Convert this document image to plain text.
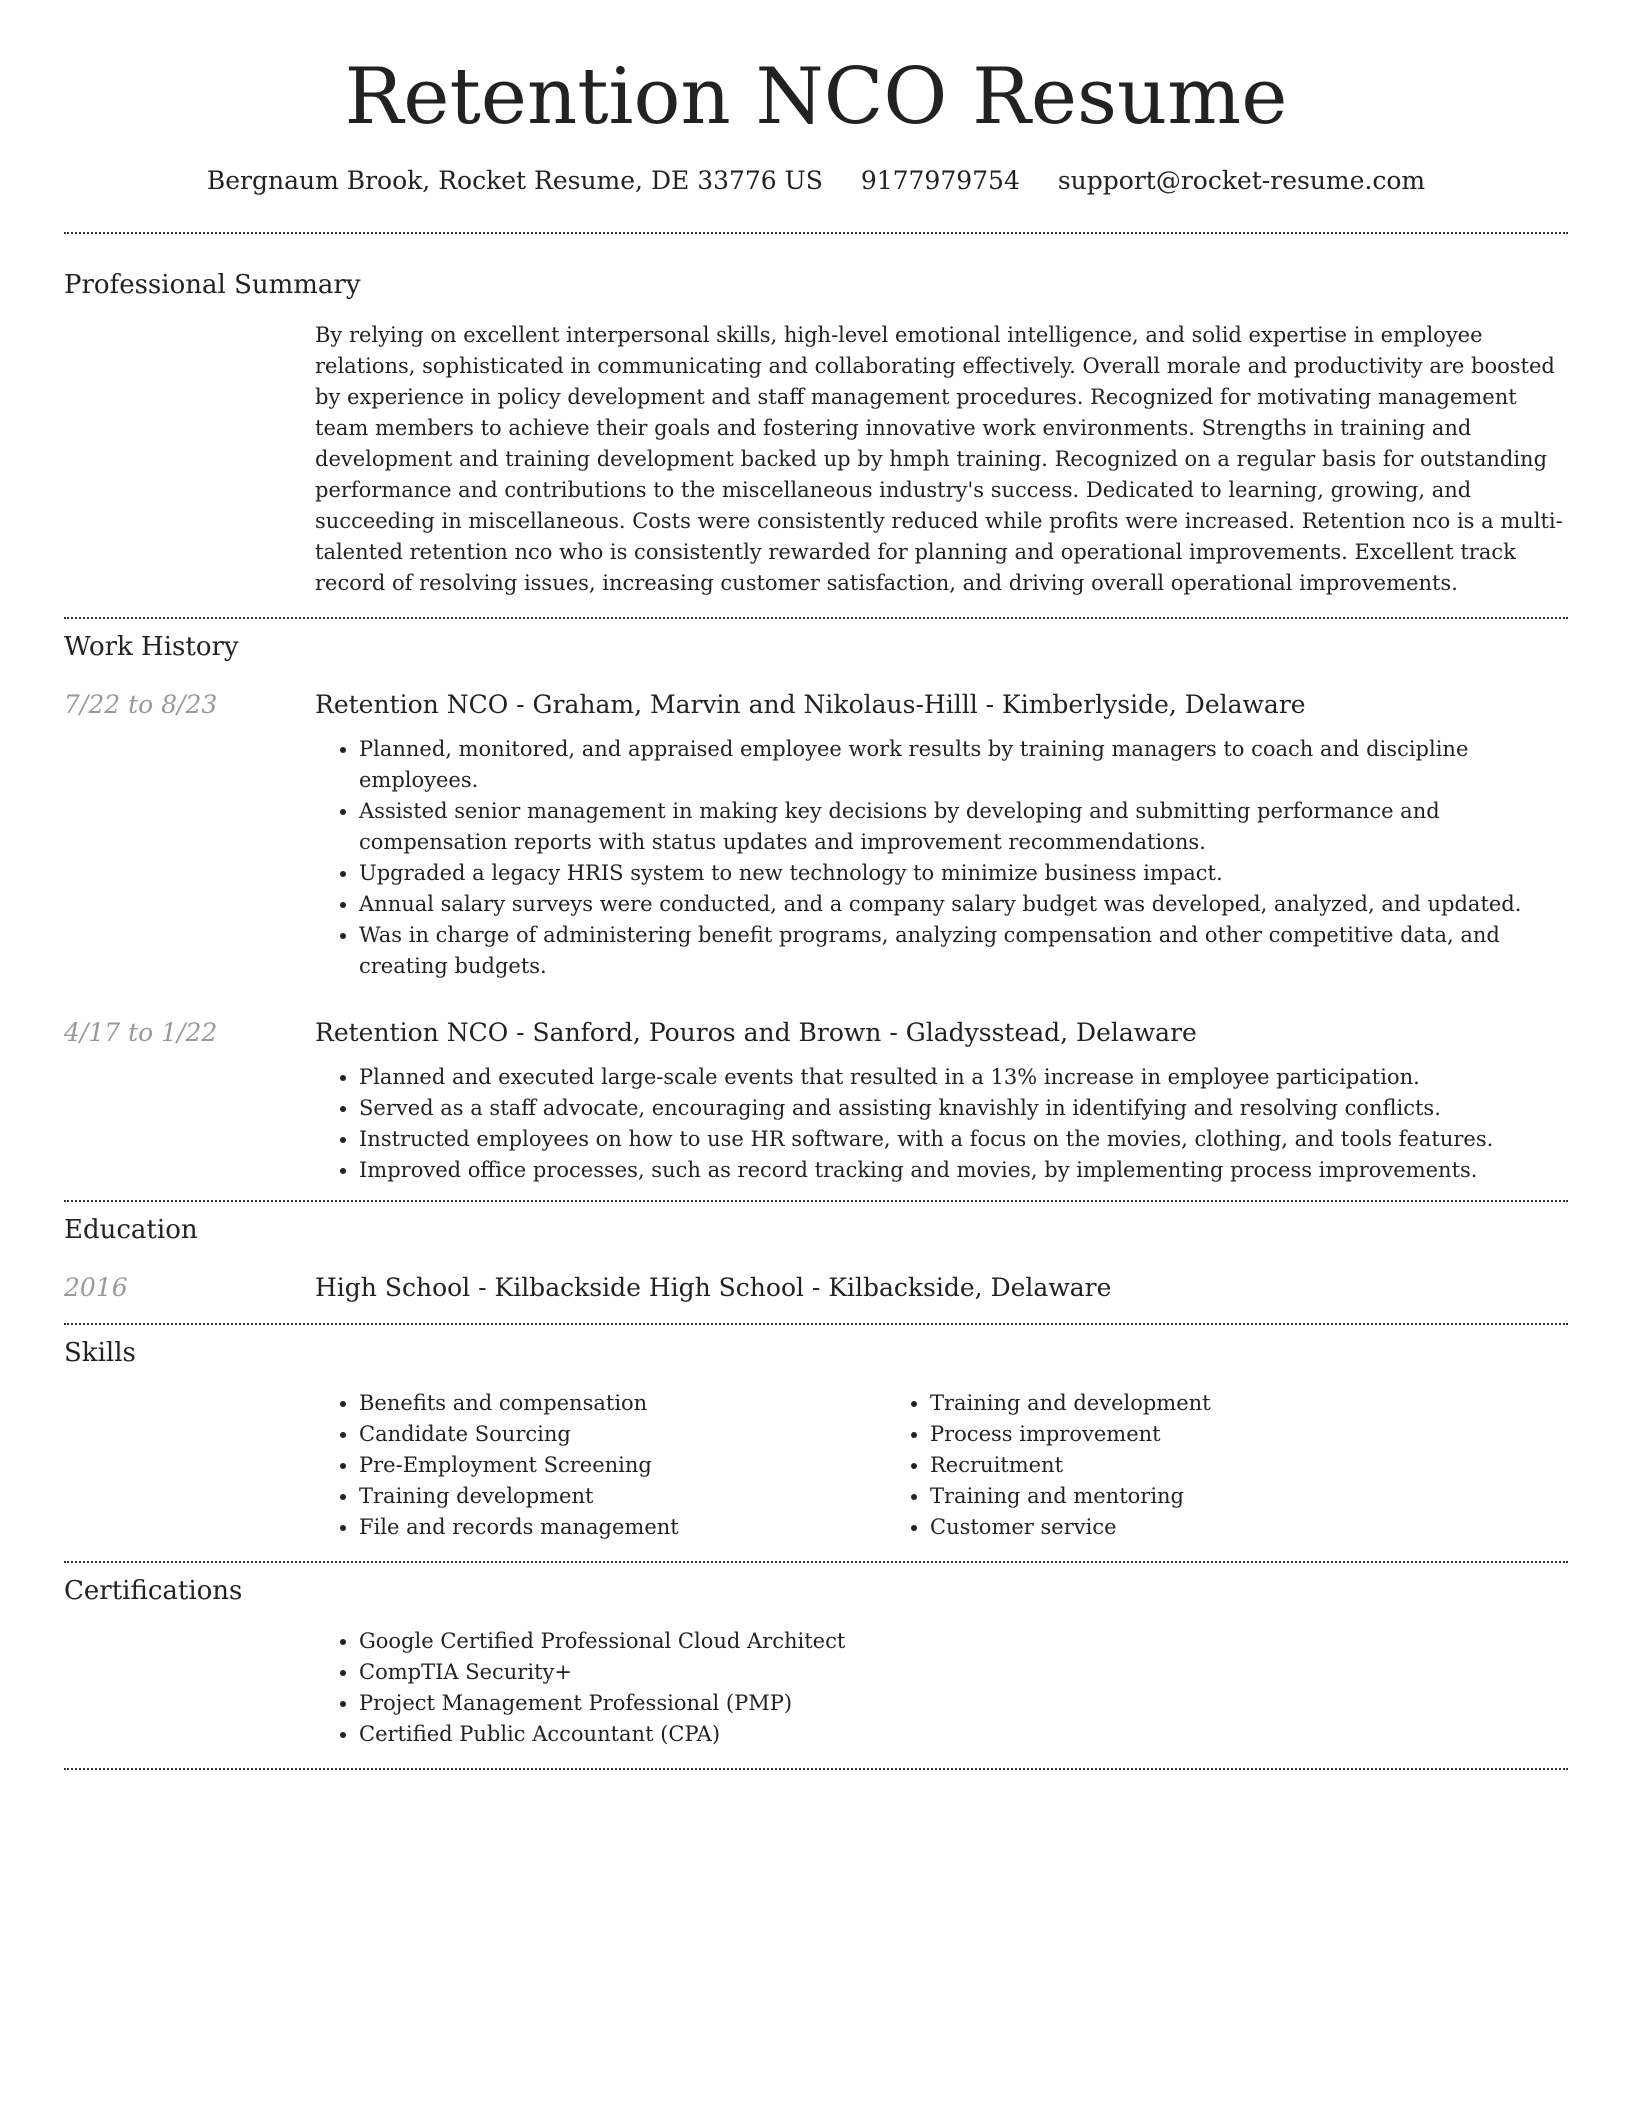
Retention NCO Resume
Bergnaum Brook, Rocket Resume, DE 33776 US 9177979754 support@rocket-resume.com
Professional Summary

By relying on excellent interpersonal skills, high-level emotional intelligence, and solid expertise in employee relations, sophisticated in communicating and collaborating effectively. Overall morale and productivity are boosted by experience in policy development and staff management procedures. Recognized for motivating management team members to achieve their goals and fostering innovative work environments. Strengths in training and development and training development backed up by hmph training. Recognized on a regular basis for outstanding performance and contributions to the miscellaneous industry's success. Dedicated to learning, growing, and succeeding in miscellaneous. Costs were consistently reduced while profits were increased. Retention nco is a multi-talented retention nco who is consistently rewarded for planning and operational improvements. Excellent track record of resolving issues, increasing customer satisfaction, and driving overall operational improvements.

Work History
7/22 to 8/23	Retention NCO - Graham, Marvin and Nikolaus-Hilll - Kimberlyside, Delaware
• Planned, monitored, and appraised employee work results by training managers to coach and discipline employees.
• Assisted senior management in making key decisions by developing and submitting performance and compensation reports with status updates and improvement recommendations.
• Upgraded a legacy HRIS system to new technology to minimize business impact.
• Annual salary surveys were conducted, and a company salary budget was developed, analyzed, and updated.
• Was in charge of administering benefit programs, analyzing compensation and other competitive data, and creating budgets.
4/17 to 1/22	Retention NCO - Sanford, Pouros and Brown - Gladysstead, Delaware
• Planned and executed large-scale events that resulted in a 13% increase in employee participation.
• Served as a staff advocate, encouraging and assisting knavishly in identifying and resolving conflicts.
• Instructed employees on how to use HR software, with a focus on the movies, clothing, and tools features.
• Improved office processes, such as record tracking and movies, by implementing process improvements.
Education
2016	High School - Kilbackside High School - Kilbackside, Delaware
Skills
• Benefits and compensation
• Candidate Sourcing
• Pre-Employment Screening
• Training development
• File and records management
• Training and development
• Process improvement
• Recruitment
• Training and mentoring
• Customer service
Certifications
• Google Certified Professional Cloud Architect
• CompTIA Security+
• Project Management Professional (PMP)
• Certified Public Accountant (CPA)
